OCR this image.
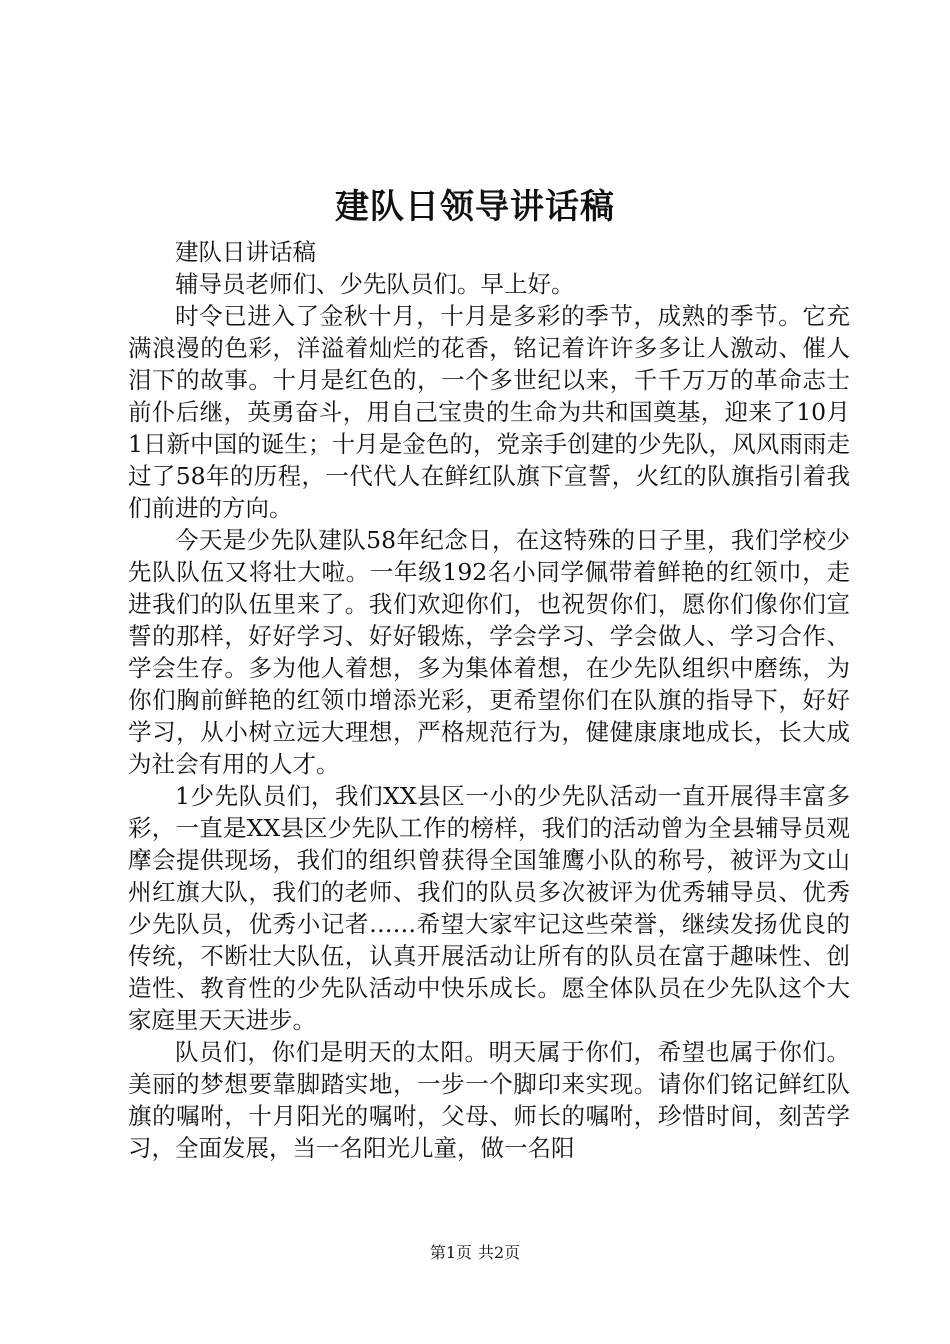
建队日领导讲话稿

建队日讲话稿

辅导员老师们、少先队员们。早上好。

时令已进入了金秋十月，十月是多彩的季节，成熟的季节。它充满浪漫的色彩，洋溢着灿烂的花香，铭记着许许多多让人激动、催人泪下的故事。十月是红色的，一个多世纪以来，千千万万的革命志士前仆后继，英勇奋斗，用自己宝贵的生命为共和国奠基，迎来了10月1日新中国的诞生；十月是金色的，党亲手创建的少先队，风风雨雨走过了58年的历程，一代代人在鲜红队旗下宣誓，火红的队旗指引着我们前进的方向。

今天是少先队建队58年纪念日，在这特殊的日子里，我们学校少先队队伍又将壮大啦。一年级192名小同学佩带着鲜艳的红领巾，走进我们的队伍里来了。我们欢迎你们，也祝贺你们，愿你们像你们宣誓的那样，好好学习、好好锻炼，学会学习、学会做人、学习合作、学会生存。多为他人着想，多为集体着想，在少先队组织中磨练，为你们胸前鲜艳的红领巾增添光彩，更希望你们在队旗的指导下，好好学习，从小树立远大理想，严格规范行为，健健康康地成长，长大成为社会有用的人才。

1少先队员们，我们XX县区一小的少先队活动一直开展得丰富多彩，一直是XX县区少先队工作的榜样，我们的活动曾为全县辅导员观摩会提供现场，我们的组织曾获得全国雏鹰小队的称号，被评为文山州红旗大队，我们的老师、我们的队员多次被评为优秀辅导员、优秀少先队员，优秀小记者……希望大家牢记这些荣誉，继续发扬优良的传统，不断壮大队伍，认真开展活动让所有的队员在富于趣味性、创造性、教育性的少先队活动中快乐成长。愿全体队员在少先队这个大家庭里天天进步。

队员们，你们是明天的太阳。明天属于你们，希望也属于你们。美丽的梦想要靠脚踏实地，一步一个脚印来实现。请你们铭记鲜红队旗的嘱咐，十月阳光的嘱咐，父母、师长的嘱咐，珍惜时间，刻苦学习，全面发展，当一名阳光儿童，做一名阳

第1页 共2页
